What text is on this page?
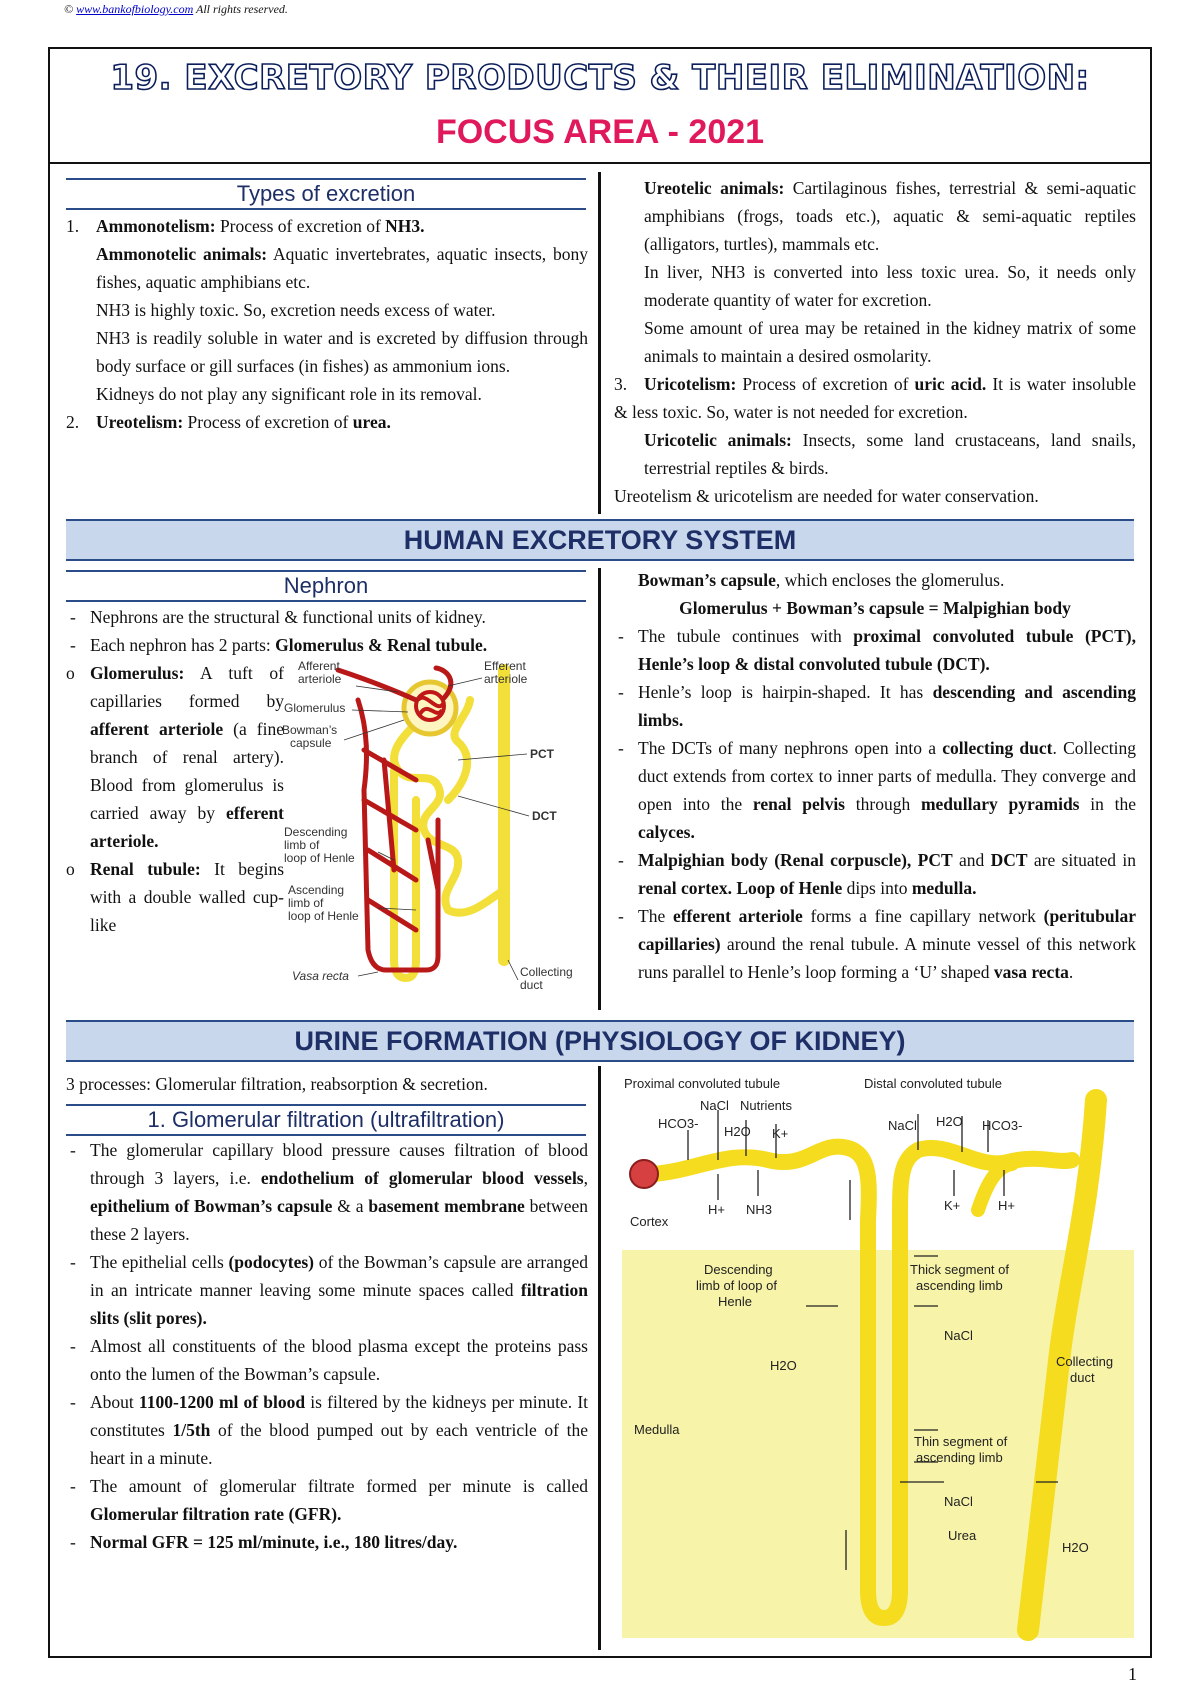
© www.bankofbiology.com All rights reserved.
19. EXCRETORY PRODUCTS & THEIR ELIMINATION:
FOCUS AREA - 2021
Types of excretion

1. Ammonotelism: Process of excretion of NH3.

Ammonotelic animals: Aquatic invertebrates, aquatic insects, bony fishes, aquatic amphibians etc.

NH3 is highly toxic. So, excretion needs excess of water.

NH3 is readily soluble in water and is excreted by diffusion through body surface or gill surfaces (in fishes) as ammonium ions.

Kidneys do not play any significant role in its removal.

2. Ureotelism: Process of excretion of urea.

Ureotelic animals: Cartilaginous fishes, terrestrial & semi-aquatic amphibians (frogs, toads etc.), aquatic & semi-aquatic reptiles (alligators, turtles), mammals etc.

In liver, NH3 is converted into less toxic urea. So, it needs only moderate quantity of water for excretion.

Some amount of urea may be retained in the kidney matrix of some animals to maintain a desired osmolarity.

3. Uricotelism: Process of excretion of uric acid. It is water insoluble & less toxic. So, water is not needed for excretion.

Uricotelic animals: Insects, some land crustaceans, land snails, terrestrial reptiles & birds.

Ureotelism & uricotelism are needed for water conservation.

HUMAN EXCRETORY SYSTEM
Nephron

- Nephrons are the structural & functional units of kidney.

- Each nephron has 2 parts: Glomerulus & Renal tubule.

o Glomerulus: A tuft of capillaries formed by afferent arteriole (a fine branch of renal artery). Blood from glomerulus is carried away by efferent arteriole.

o Renal tubule: It begins with a double walled cup-like

Afferent
arteriole
Efferent
arteriole
Glomerulus
Bowman’s
capsule
PCT
DCT
Descending
limb of
loop of Henle
Ascending
limb of
loop of Henle
Vasa recta	Collecting
duct

Bowman’s capsule, which encloses the glomerulus.

Glomerulus + Bowman’s capsule = Malpighian body

- The tubule continues with proximal convoluted tubule (PCT), Henle’s loop & distal convoluted tubule (DCT).

- Henle’s loop is hairpin-shaped. It has descending and ascending limbs.

- The DCTs of many nephrons open into a collecting duct. Collecting duct extends from cortex to inner parts of medulla. They converge and open into the renal pelvis through medullary pyramids in the calyces.

- Malpighian body (Renal corpuscle), PCT and DCT are situated in renal cortex. Loop of Henle dips into medulla.

- The efferent arteriole forms a fine capillary network (peritubular capillaries) around the renal tubule. A minute vessel of this network runs parallel to Henle’s loop forming a ‘U’ shaped vasa recta.

URINE FORMATION (PHYSIOLOGY OF KIDNEY)
3 processes: Glomerular filtration, reabsorption & secretion.
1. Glomerular filtration (ultrafiltration)

- The glomerular capillary blood pressure causes filtration of blood through 3 layers, i.e. endothelium of glomerular blood vessels, epithelium of Bowman’s capsule & a basement membrane between these 2 layers.

- The epithelial cells (podocytes) of the Bowman’s capsule are arranged in an intricate manner leaving some minute spaces called filtration slits (slit pores).

- Almost all constituents of the blood plasma except the proteins pass onto the lumen of the Bowman’s capsule.

- About 1100-1200 ml of blood is filtered by the kidneys per minute. It constitutes 1/5th of the blood pumped out by each ventricle of the heart in a minute.

- The amount of glomerular filtrate formed per minute is called Glomerular filtration rate (GFR).

- Normal GFR = 125 ml/minute, i.e., 180 litres/day.

Proximal convoluted tubule	Distal convoluted tubule
NaCl Nutrients
HCO3-
H2O K+
H+ NH3
NaCl H2O HCO3-
K+	H+
Cortex
Medulla
Descending
limb of loop of
Henle
H2O
Thick segment of
ascending limb
NaCl
Collecting
duct
Thin segment of
ascending limb
NaCl
Urea
H2O
1
